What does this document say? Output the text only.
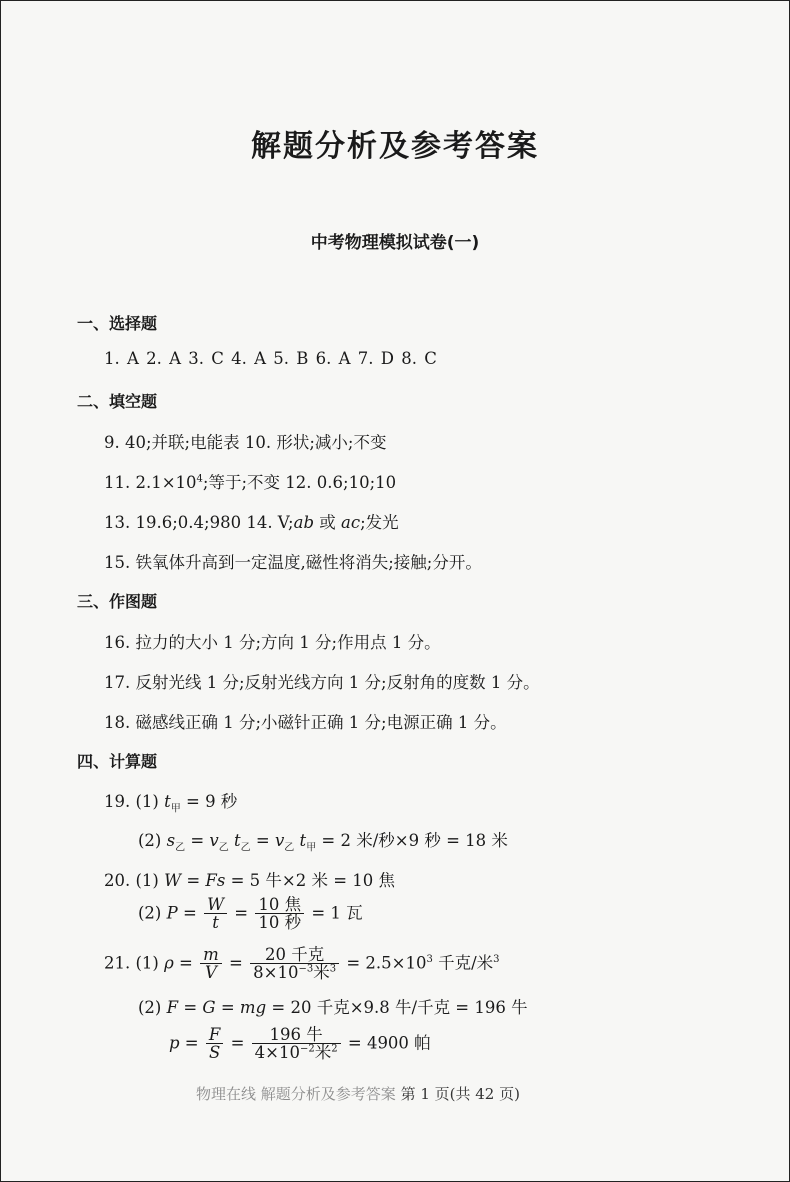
解题分析及参考答案
中考物理模拟试卷(一)
一、选择题
1. A 2. A 3. C 4. A 5. B 6. A 7. D 8. C
二、填空题
9. 40;并联;电能表 10. 形状;减小;不变
11. $2.1\times 10^4$;等于;不变 12. 0.6;10;10
13. 19.6;0.4;980 14. V;ab 或 ac;发光
15. 铁氧体升高到一定温度,磁性将消失;接触;分开。
三、作图题
16. 拉力的大小 1 分;方向 1 分;作用点 1 分。
17. 反射光线 1 分;反射光线方向 1 分;反射角的度数 1 分。
18. 磁感线正确 1 分;小磁针正确 1 分;电源正确 1 分。
四、计算题
19. (1) $t_甲 = 9$ 秒
(2) $s_乙 = v_乙$ $t_乙 = v_乙$ $t_甲 = 2$ 米/秒×9 秒 = 18 米
20. (1) W = Fs = 5 牛×2 米 = 10 焦
(2) $P = \frac{W}{t} = \frac{\text{10 焦}}{\text{10 秒}} = 1$ 瓦
21. (1) $\rho = \frac{m}{V} = \frac{\text{20 千克}}{8\times 10^{-3}米^3} = 2.5\times 10^3$ 千克/米$^3$
(2) F = G = mg = 20 千克×9.8 牛/千克 = 196 牛
$p = \frac{F}{S} = \frac{\text{196 牛}}{4\times 10^{-2}米^2} = 4900$ 帕
物理在线 解题分析及参考答案 第 1 页(共 42 页)
